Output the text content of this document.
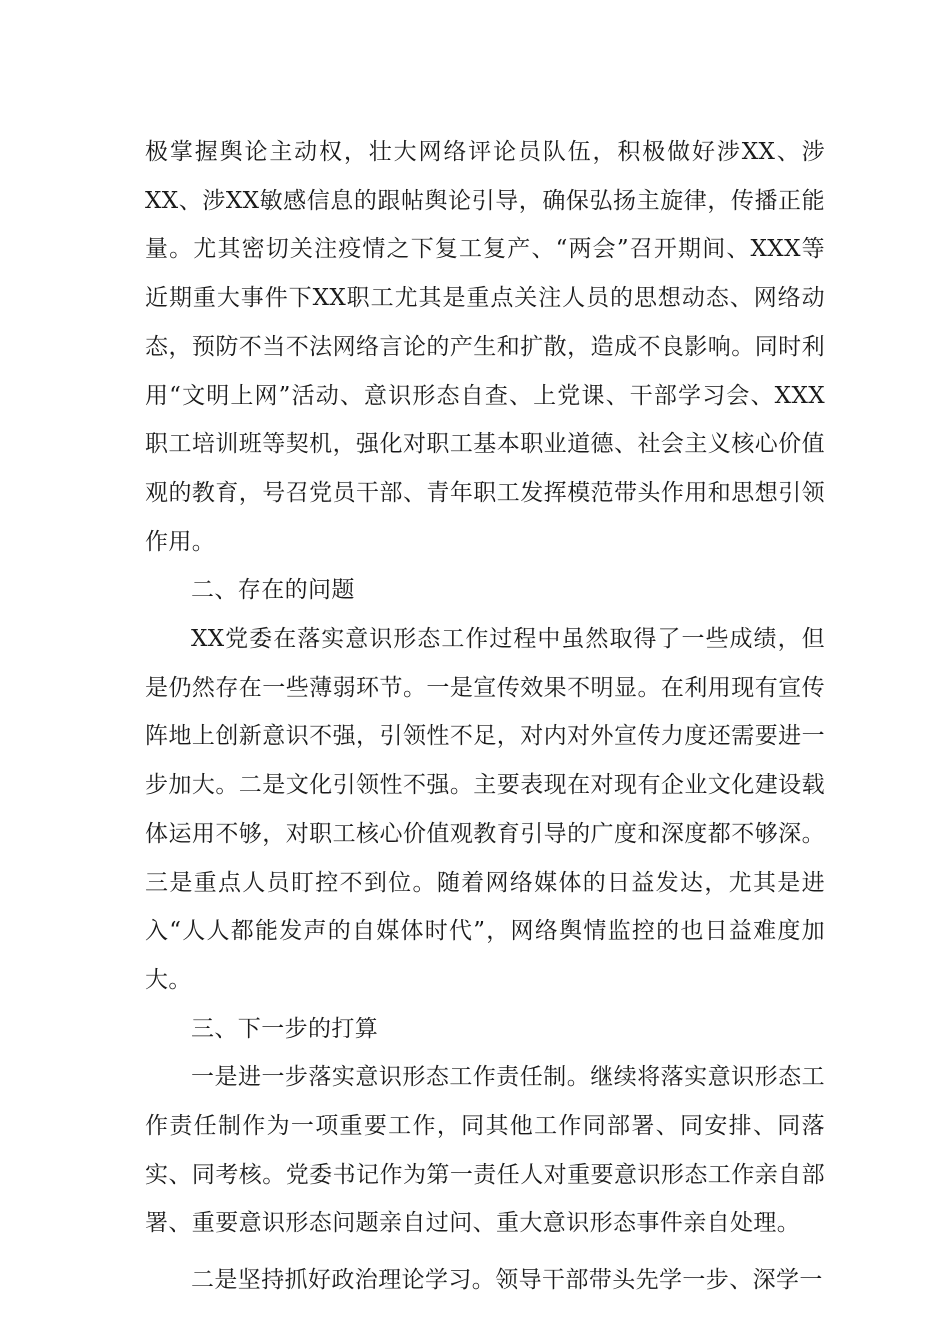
极掌握舆论主动权，壮大网络评论员队伍，积极做好涉XX、涉XX、涉XX敏感信息的跟帖舆论引导，确保弘扬主旋律，传播正能量。尤其密切关注疫情之下复工复产、“两会”召开期间、XXX等近期重大事件下XX职工尤其是重点关注人员的思想动态、网络动态，预防不当不法网络言论的产生和扩散，造成不良影响。同时利用“文明上网”活动、意识形态自查、上党课、干部学习会、XXX职工培训班等契机，强化对职工基本职业道德、社会主义核心价值观的教育，号召党员干部、青年职工发挥模范带头作用和思想引领作用。

二、存在的问题

XX党委在落实意识形态工作过程中虽然取得了一些成绩，但是仍然存在一些薄弱环节。一是宣传效果不明显。在利用现有宣传阵地上创新意识不强，引领性不足，对内对外宣传力度还需要进一步加大。二是文化引领性不强。主要表现在对现有企业文化建设载体运用不够，对职工核心价值观教育引导的广度和深度都不够深。三是重点人员盯控不到位。随着网络媒体的日益发达，尤其是进入“人人都能发声的自媒体时代”，网络舆情监控的也日益难度加大。

三、下一步的打算

一是进一步落实意识形态工作责任制。继续将落实意识形态工作责任制作为一项重要工作，同其他工作同部署、同安排、同落实、同考核。党委书记作为第一责任人对重要意识形态工作亲自部署、重要意识形态问题亲自过问、重大意识形态事件亲自处理。

二是坚持抓好政治理论学习。领导干部带头先学一步、深学一
